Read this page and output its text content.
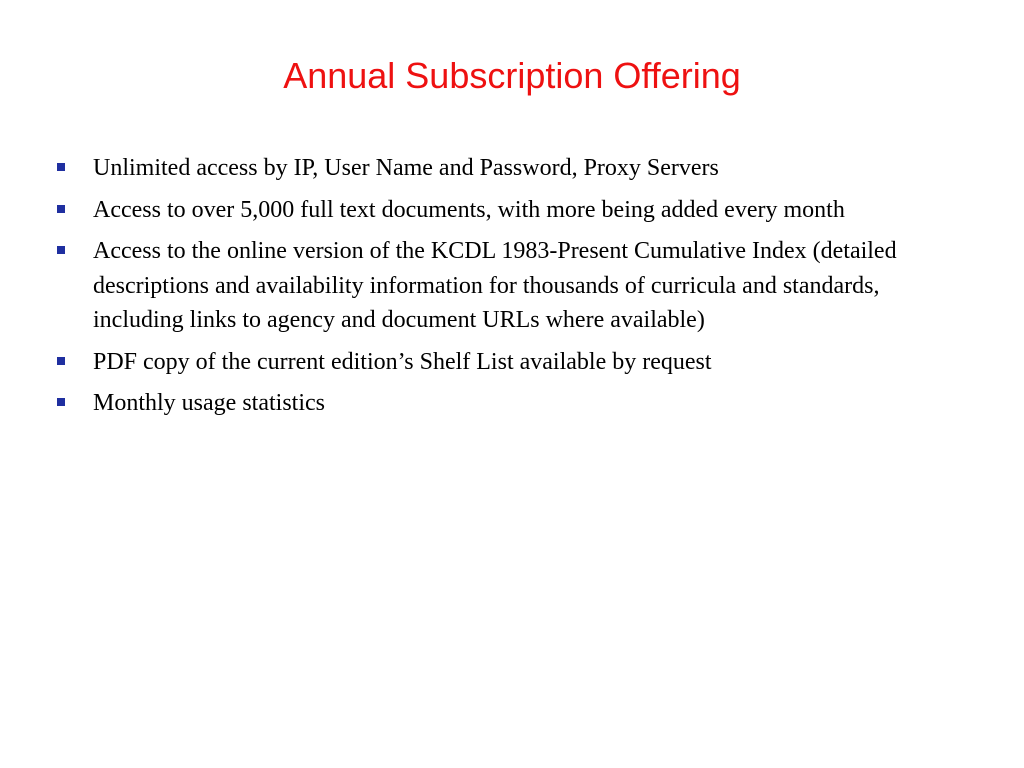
Annual Subscription Offering
Unlimited access by IP, User Name and Password, Proxy Servers
Access to over 5,000 full text documents, with more being added every month
Access to the online version of the KCDL 1983-Present Cumulative Index (detailed descriptions and availability information for thousands of curricula and standards, including links to agency and document URLs where available)
PDF copy of the current edition’s Shelf List available by request
Monthly usage statistics
